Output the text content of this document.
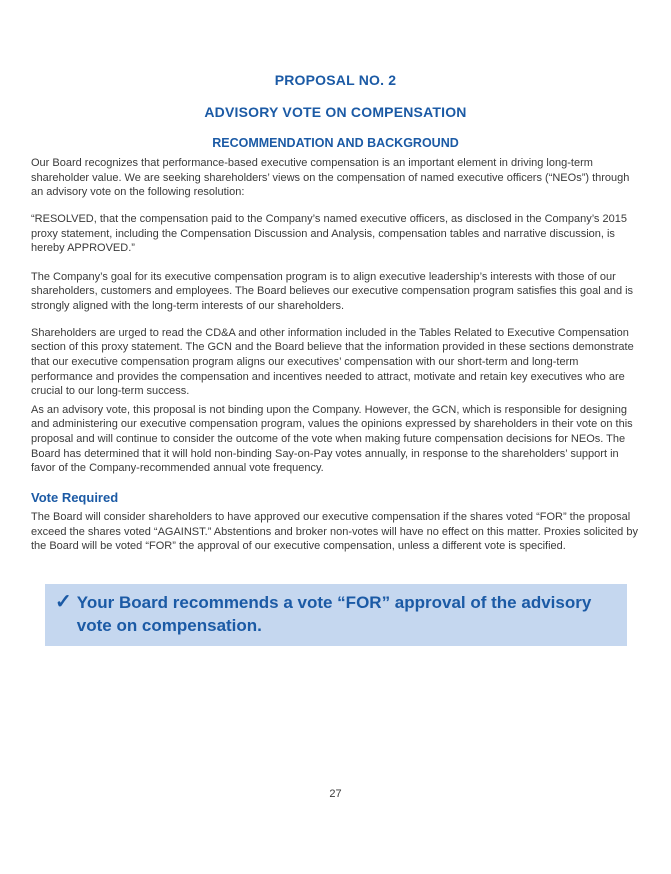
PROPOSAL NO. 2
ADVISORY VOTE ON COMPENSATION
RECOMMENDATION AND BACKGROUND

Our Board recognizes that performance-based executive compensation is an important element in driving long-term shareholder value. We are seeking shareholders’ views on the compensation of named executive officers (“NEOs”) through an advisory vote on the following resolution:

“RESOLVED, that the compensation paid to the Company’s named executive officers, as disclosed in the Company’s 2015 proxy statement, including the Compensation Discussion and Analysis, compensation tables and narrative discussion, is hereby APPROVED.”

The Company’s goal for its executive compensation program is to align executive leadership’s interests with those of our shareholders, customers and employees. The Board believes our executive compensation program satisfies this goal and is strongly aligned with the long-term interests of our shareholders.

Shareholders are urged to read the CD&A and other information included in the Tables Related to Executive Compensation section of this proxy statement. The GCN and the Board believe that the information provided in these sections demonstrate that our executive compensation program aligns our executives’ compensation with our short-term and long-term performance and provides the compensation and incentives needed to attract, motivate and retain key executives who are crucial to our long-term success.

As an advisory vote, this proposal is not binding upon the Company. However, the GCN, which is responsible for designing and administering our executive compensation program, values the opinions expressed by shareholders in their vote on this proposal and will continue to consider the outcome of the vote when making future compensation decisions for NEOs. The Board has determined that it will hold non-binding Say-on-Pay votes annually, in response to the shareholders’ support in favor of the Company-recommended annual vote frequency.

Vote Required

The Board will consider shareholders to have approved our executive compensation if the shares voted “FOR” the proposal exceed the shares voted “AGAINST.” Abstentions and broker non-votes will have no effect on this matter. Proxies solicited by the Board will be voted “FOR” the approval of our executive compensation, unless a different vote is specified.

✓ Your Board recommends a vote “FOR” approval of the advisory vote on compensation.
27
